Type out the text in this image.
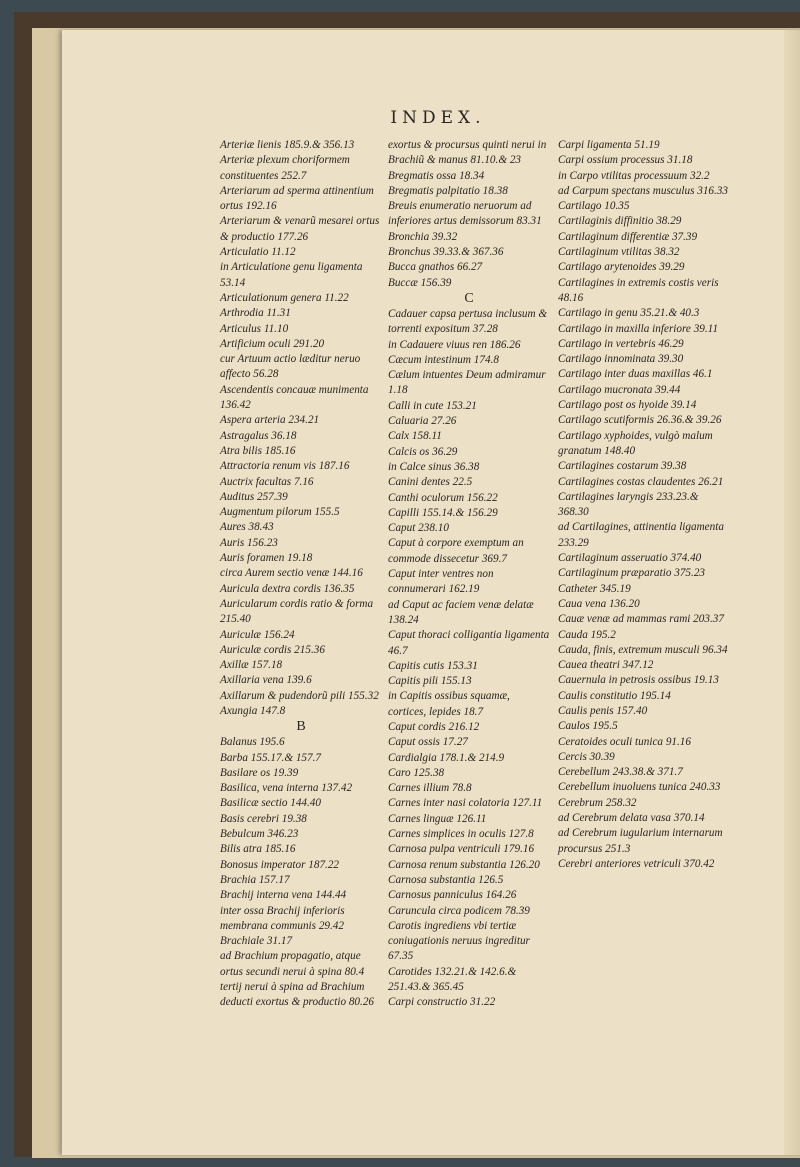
INDEX.
Arteriæ lienis 185.9.& 356.13
Arteriæ plexum choriformem constituentes 252.7
Arteriarum ad sperma attinentium ortus 192.16
Arteriarum & venarũ mesarei ortus & productio 177.26
Articulatio 11.12
in Articulatione genu ligamenta 53.14
Articulationum genera 11.22
Arthrodia 11.31
Articulus 11.10
Artificium oculi 291.20
cur Artuum actio læditur neruo affecto 56.28
Ascendentis concauæ munimenta 136.42
Aspera arteria 234.21
Astragalus 36.18
Atra bilis 185.16
Attractoria renum vis 187.16
Auctrix facultas 7.16
Auditus 257.39
Augmentum pilorum 155.5
Aures 38.43
Auris 156.23
Auris foramen 19.18
circa Aurem sectio venæ 144.16
Auricula dextra cordis 136.35
Auricularum cordis ratio & forma 215.40
Auriculæ 156.24
Auriculæ cordis 215.36
Axillæ 157.18
Axillaria vena 139.6
Axillarum & pudendorũ pili 155.32
Axungia 147.8
B
Balanus 195.6
Barba 155.17.& 157.7
Basilare os 19.39
Basilica, vena interna 137.42
Basilicæ sectio 144.40
Basis cerebri 19.38
Bebulcum 346.23
Bilis atra 185.16
Bonosus imperator 187.22
Brachia 157.17
Brachij interna vena 144.44
inter ossa Brachij inferioris membrana communis 29.42
Brachiale 31.17
ad Brachium propagatio, atque ortus secundi nerui à spina 80.4
tertij nerui à spina ad Brachium deducti exortus & productio 80.26
exortus & procursus quinti nerui in Brachiũ & manus 81.10.& 23
Bregmatis ossa 18.34
Bregmatis palpitatio 18.38
Breuis enumeratio neruorum ad inferiores artus demissorum 83.31
Bronchia 39.32
Bronchus 39.33.& 367.36
Bucca gnathos 66.27
Buccæ 156.39
C
Cadauer capsa pertusa inclusum & torrenti expositum 37.28
in Cadauere viuus ren 186.26
Cæcum intestinum 174.8
Cælum intuentes Deum admiramur 1.18
Calli in cute 153.21
Caluaria 27.26
Calx 158.11
Calcis os 36.29
in Calce sinus 36.38
Canini dentes 22.5
Canthi oculorum 156.22
Capilli 155.14.& 156.29
Caput 238.10
Caput à corpore exemptum an commode dissecetur 369.7
Caput inter ventres non connumerari 162.19
ad Caput ac faciem venæ delatæ 138.24
Caput thoraci colligantia ligamenta 46.7
Capitis cutis 153.31
Capitis pili 155.13
in Capitis ossibus squamæ, cortices, lepides 18.7
Caput cordis 216.12
Caput ossis 17.27
Cardialgia 178.1.& 214.9
Caro 125.38
Carnes illium 78.8
Carnes inter nasi colatoria 127.11
Carnes linguæ 126.11
Carnes simplices in oculis 127.8
Carnosa pulpa ventriculi 179.16
Carnosa renum substantia 126.20
Carnosa substantia 126.5
Carnosus panniculus 164.26
Caruncula circa podicem 78.39
Carotis ingrediens vbi tertiæ coniugationis neruus ingreditur 67.35
Carotides 132.21.& 142.6.& 251.43.& 365.45
Carpi constructio 31.22
Carpi ligamenta 51.19
Carpi ossium processus 31.18
in Carpo vtilitas processuum 32.2
ad Carpum spectans musculus 316.33
Cartilago 10.35
Cartilaginis diffinitio 38.29
Cartilaginum differentiæ 37.39
Cartilaginum vtilitas 38.32
Cartilago arytenoides 39.29
Cartilagines in extremis costis veris 48.16
Cartilago in genu 35.21.& 40.3
Cartilago in maxilla inferiore 39.11
Cartilago in vertebris 46.29
Cartilago innominata 39.30
Cartilago inter duas maxillas 46.1
Cartilago mucronata 39.44
Cartilago post os hyoide 39.14
Cartilago scutiformis 26.36.& 39.26
Cartilago xyphoides, vulgò malum granatum 148.40
Cartilagines costarum 39.38
Cartilagines costas claudentes 26.21
Cartilagines laryngis 233.23.& 368.30
ad Cartilagines, attinentia ligamenta 233.29
Cartilaginum asseruatio 374.40
Cartilaginum præparatio 375.23
Catheter 345.19
Caua vena 136.20
Cauæ venæ ad mammas rami 203.37
Cauda 195.2
Cauda, finis, extremum musculi 96.34
Cauea theatri 347.12
Cauernula in petrosis ossibus 19.13
Caulis constitutio 195.14
Caulis penis 157.40
Caulos 195.5
Ceratoides oculi tunica 91.16
Cercis 30.39
Cerebellum 243.38.& 371.7
Cerebellum inuoluens tunica 240.33
Cerebrum 258.32
ad Cerebrum delata vasa 370.14
ad Cerebrum iugularium internarum procursus 251.3
Cerebri anteriores vetriculi 370.42
